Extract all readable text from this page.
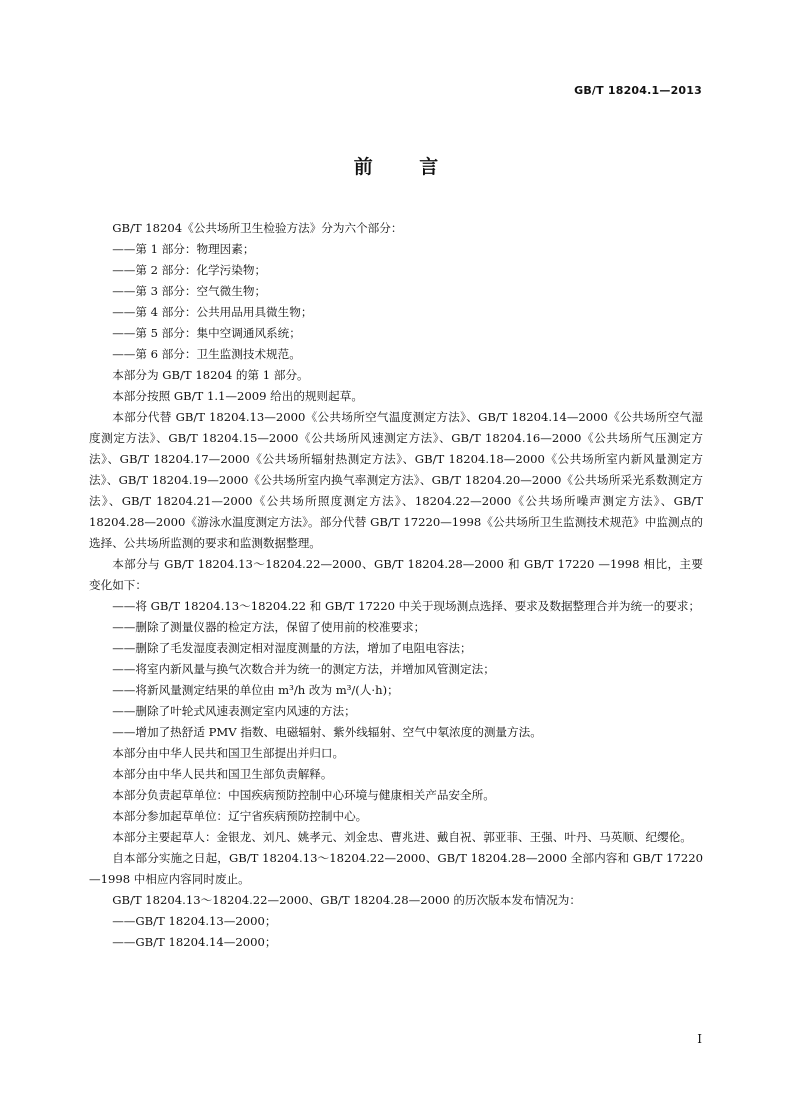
GB/T 18204.1—2013
前 言

GB/T 18204《公共场所卫生检验方法》分为六个部分：

——第 1 部分：物理因素；

——第 2 部分：化学污染物；

——第 3 部分：空气微生物；

——第 4 部分：公共用品用具微生物；

——第 5 部分：集中空调通风系统；

——第 6 部分：卫生监测技术规范。

本部分为 GB/T 18204 的第 1 部分。

本部分按照 GB/T 1.1—2009 给出的规则起草。

本部分代替 GB/T 18204.13—2000《公共场所空气温度测定方法》、GB/T 18204.14—2000《公共场所空气湿度测定方法》、GB/T 18204.15—2000《公共场所风速测定方法》、GB/T 18204.16—2000《公共场所气压测定方法》、GB/T 18204.17—2000《公共场所辐射热测定方法》、GB/T 18204.18—2000《公共场所室内新风量测定方法》、GB/T 18204.19—2000《公共场所室内换气率测定方法》、GB/T 18204.20—2000《公共场所采光系数测定方法》、GB/T 18204.21—2000《公共场所照度测定方法》、18204.22—2000《公共场所噪声测定方法》、GB/T 18204.28—2000《游泳水温度测定方法》。部分代替 GB/T 17220—1998《公共场所卫生监测技术规范》中监测点的选择、公共场所监测的要求和监测数据整理。

本部分与 GB/T 18204.13～18204.22—2000、GB/T 18204.28—2000 和 GB/T 17220 —1998 相比，主要变化如下：

——将 GB/T 18204.13～18204.22 和 GB/T 17220 中关于现场测点选择、要求及数据整理合并为统一的要求；

——删除了测量仪器的检定方法，保留了使用前的校准要求；

——删除了毛发湿度表测定相对湿度测量的方法，增加了电阻电容法；

——将室内新风量与换气次数合并为统一的测定方法，并增加风管测定法；

——将新风量测定结果的单位由 m³/h 改为 m³/(人·h)；

——删除了叶轮式风速表测定室内风速的方法；

——增加了热舒适 PMV 指数、电磁辐射、紫外线辐射、空气中氡浓度的测量方法。

本部分由中华人民共和国卫生部提出并归口。

本部分由中华人民共和国卫生部负责解释。

本部分负责起草单位：中国疾病预防控制中心环境与健康相关产品安全所。

本部分参加起草单位：辽宁省疾病预防控制中心。

本部分主要起草人：金银龙、刘凡、姚孝元、刘金忠、曹兆进、戴自祝、郭亚菲、王强、叶丹、马英顺、纪缨伦。

自本部分实施之日起，GB/T 18204.13～18204.22—2000、GB/T 18204.28—2000 全部内容和 GB/T 17220—1998 中相应内容同时废止。

GB/T 18204.13～18204.22—2000、GB/T 18204.28—2000 的历次版本发布情况为：

——GB/T 18204.13—2000；

——GB/T 18204.14—2000；

I
